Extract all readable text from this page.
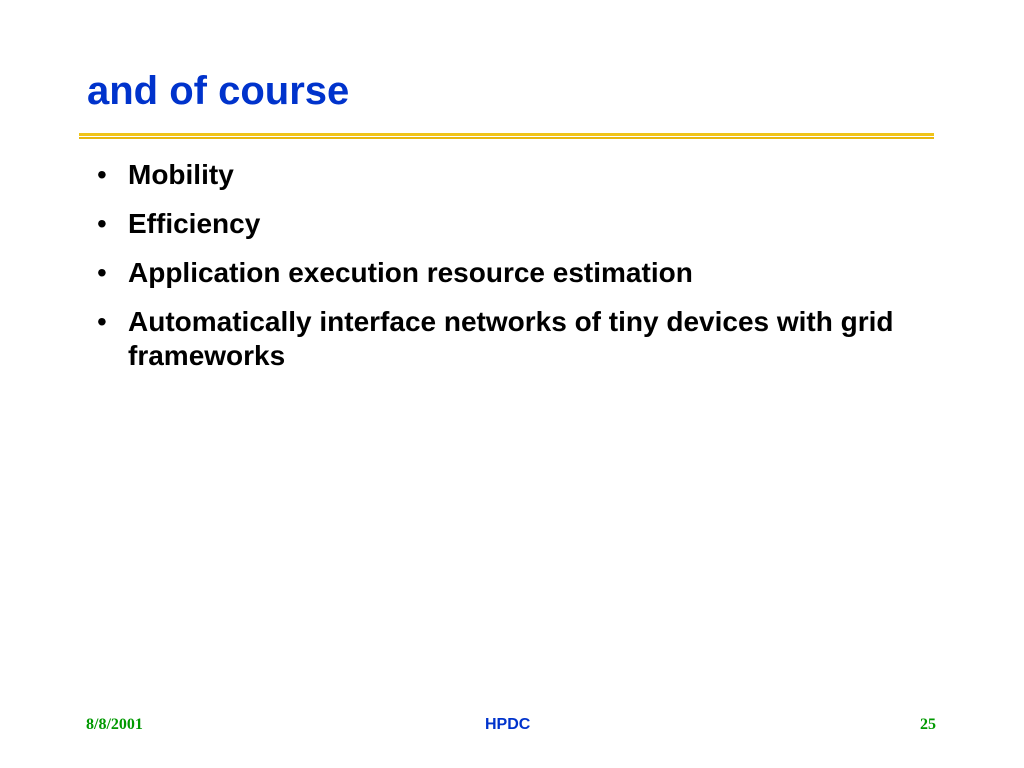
and of course
• Mobility
• Efficiency
• Application execution resource estimation
• Automatically interface networks of tiny devices with grid frameworks
8/8/2001	HPDC	25
